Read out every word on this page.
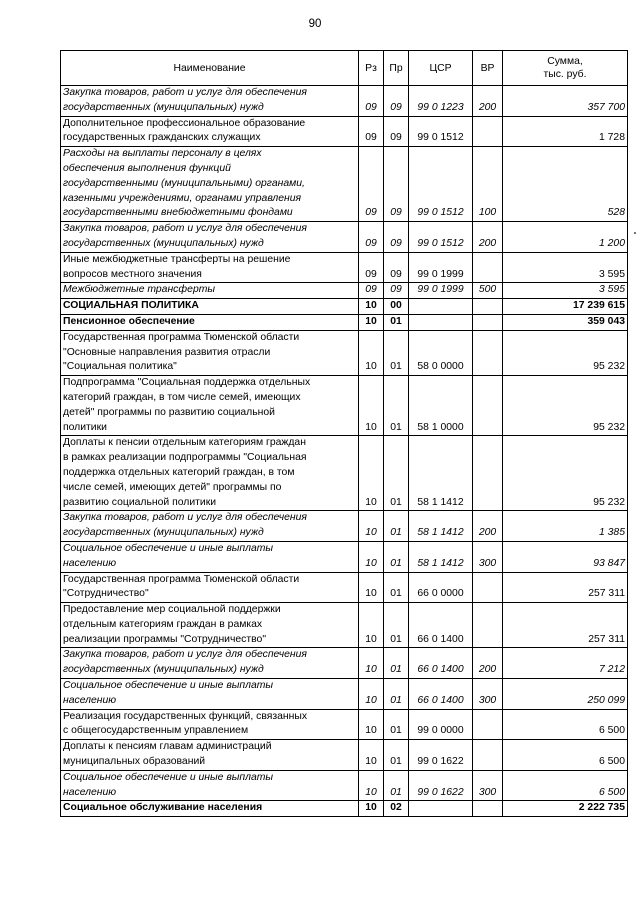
90
Наименование	Рз	Пр	ЦСР	ВР	Сумма,
тыс. руб.
Закупка товаров, работ и услуг для обеспечения
государственных (муниципальных) нужд	09	09	99 0 1223	200	357 700
Дополнительное профессиональное образование
государственных гражданских служащих	09	09	99 0 1512		1 728
Расходы на выплаты персоналу в целях
обеспечения выполнения функций
государственными (муниципальными) органами,
казенными учреждениями, органами управления
государственными внебюджетными фондами	09	09	99 0 1512	100	528
Закупка товаров, работ и услуг для обеспечения
государственных (муниципальных) нужд	09	09	99 0 1512	200	1 200
Иные межбюджетные трансферты на решение
вопросов местного значения	09	09	99 0 1999		3 595
Межбюджетные трансферты	09	09	99 0 1999	500	3 595
СОЦИАЛЬНАЯ ПОЛИТИКА	10	00			17 239 615
Пенсионное обеспечение	10	01			359 043
Государственная программа Тюменской области
"Основные направления развития отрасли
"Социальная политика"	10	01	58 0 0000		95 232
Подпрограмма "Социальная поддержка отдельных
категорий граждан, в том числе семей, имеющих
детей" программы по развитию социальной
политики	10	01	58 1 0000		95 232
Доплаты к пенсии отдельным категориям граждан
в рамках реализации подпрограммы "Социальная
поддержка отдельных категорий граждан, в том
числе семей, имеющих детей" программы по
развитию социальной политики	10	01	58 1 1412		95 232
Закупка товаров, работ и услуг для обеспечения
государственных (муниципальных) нужд	10	01	58 1 1412	200	1 385
Социальное обеспечение и иные выплаты
населению	10	01	58 1 1412	300	93 847
Государственная программа Тюменской области
"Сотрудничество"	10	01	66 0 0000		257 311
Предоставление мер социальной поддержки
отдельным категориям граждан в рамках
реализации программы "Сотрудничество"	10	01	66 0 1400		257 311
Закупка товаров, работ и услуг для обеспечения
государственных (муниципальных) нужд	10	01	66 0 1400	200	7 212
Социальное обеспечение и иные выплаты
населению	10	01	66 0 1400	300	250 099
Реализация государственных функций, связанных
с общегосударственным управлением	10	01	99 0 0000		6 500
Доплаты к пенсиям главам администраций
муниципальных образований	10	01	99 0 1622		6 500
Социальное обеспечение и иные выплаты
населению	10	01	99 0 1622	300	6 500
Социальное обслуживание населения	10	02			2 222 735
